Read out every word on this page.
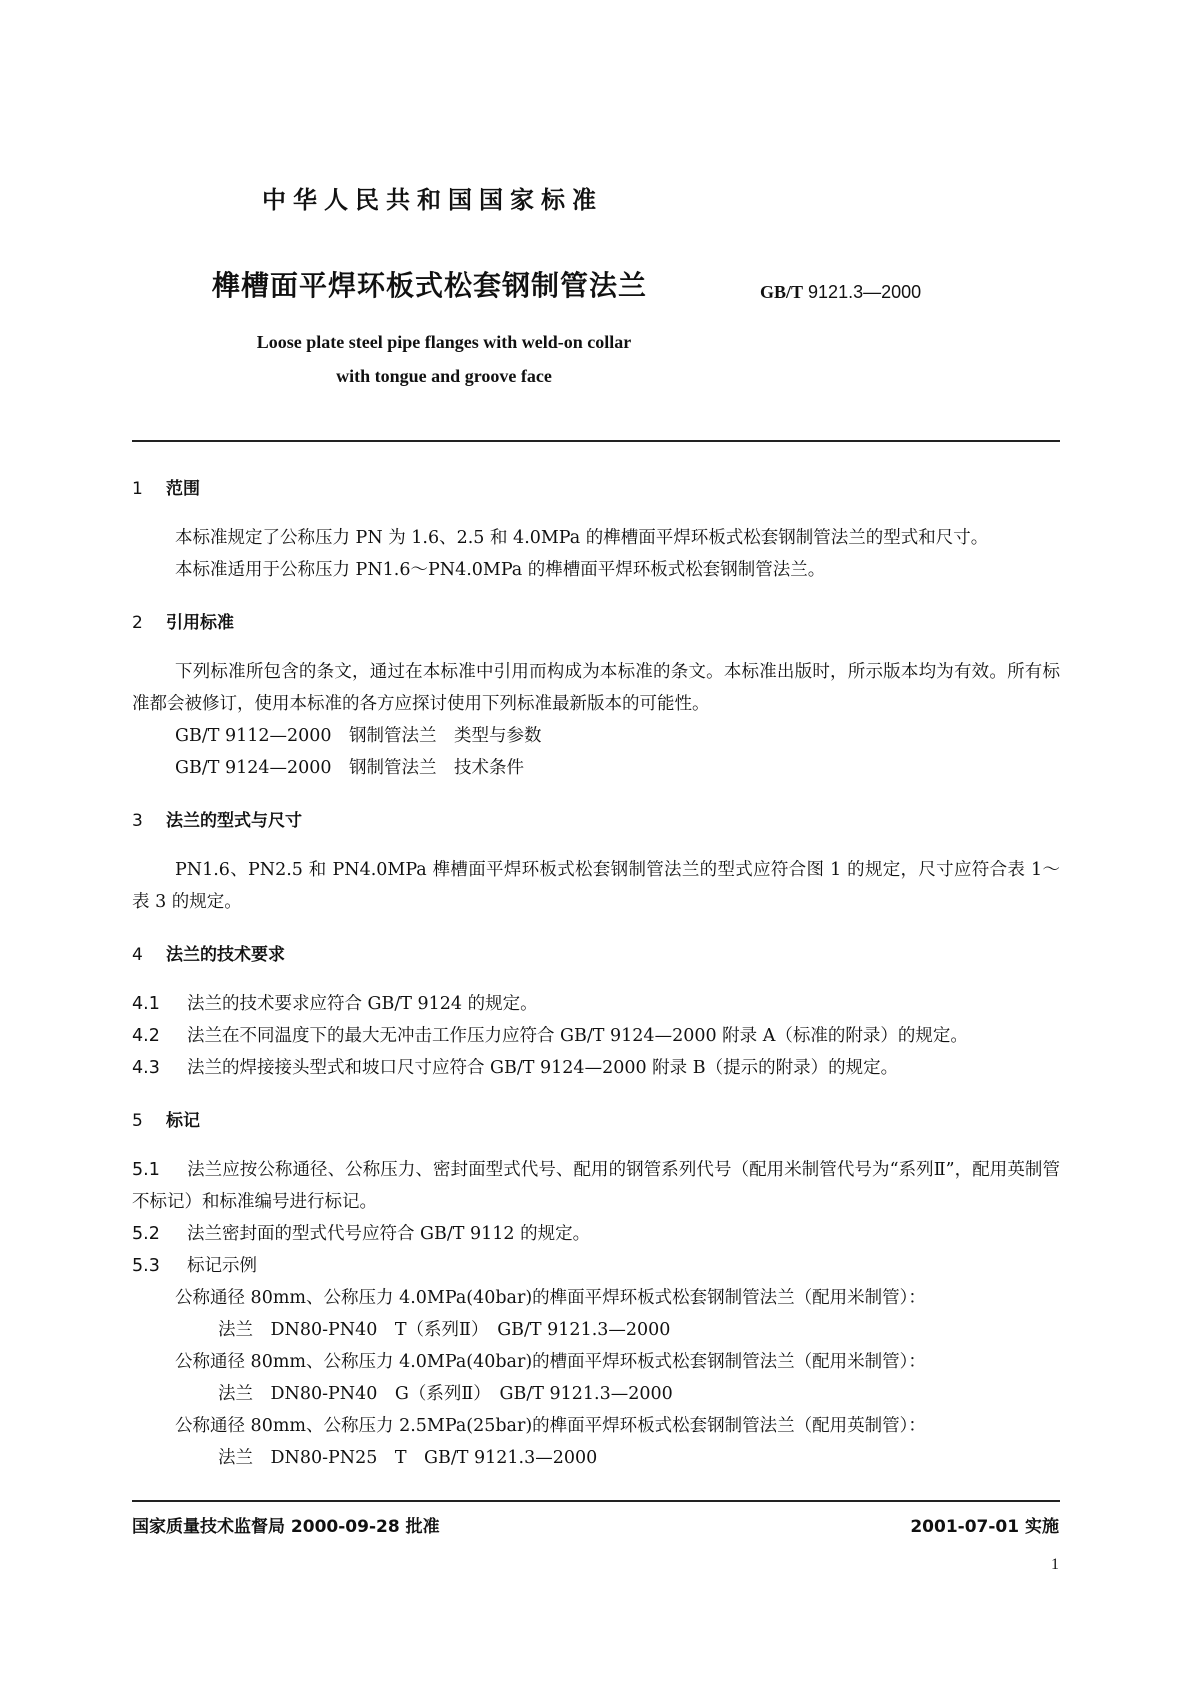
中华人民共和国国家标准
榫槽面平焊环板式松套钢制管法兰	GB/T 9121.3—2000
Loose plate steel pipe flanges with weld-on collar
with tongue and groove face
1 范围

本标准规定了公称压力 PN 为 1.6、2.5 和 4.0MPa 的榫槽面平焊环板式松套钢制管法兰的型式和尺寸。

本标准适用于公称压力 PN1.6～PN4.0MPa 的榫槽面平焊环板式松套钢制管法兰。

2 引用标准

下列标准所包含的条文，通过在本标准中引用而构成为本标准的条文。本标准出版时，所示版本均为有效。所有标准都会被修订，使用本标准的各方应探讨使用下列标准最新版本的可能性。

GB/T 9112—2000　钢制管法兰　类型与参数

GB/T 9124—2000　钢制管法兰　技术条件

3 法兰的型式与尺寸

PN1.6、PN2.5 和 PN4.0MPa 榫槽面平焊环板式松套钢制管法兰的型式应符合图 1 的规定，尺寸应符合表 1～表 3 的规定。

4 法兰的技术要求

4.1 法兰的技术要求应符合 GB/T 9124 的规定。

4.2 法兰在不同温度下的最大无冲击工作压力应符合 GB/T 9124—2000 附录 A（标准的附录）的规定。

4.3 法兰的焊接接头型式和坡口尺寸应符合 GB/T 9124—2000 附录 B（提示的附录）的规定。

5 标记

5.1 法兰应按公称通径、公称压力、密封面型式代号、配用的钢管系列代号（配用米制管代号为“系列Ⅱ”，配用英制管不标记）和标准编号进行标记。

5.2 法兰密封面的型式代号应符合 GB/T 9112 的规定。

5.3 标记示例

公称通径 80mm、公称压力 4.0MPa(40bar)的榫面平焊环板式松套钢制管法兰（配用米制管）：

法兰　DN80-PN40　T（系列Ⅱ）　GB/T 9121.3—2000

公称通径 80mm、公称压力 4.0MPa(40bar)的槽面平焊环板式松套钢制管法兰（配用米制管）：

法兰　DN80-PN40　G（系列Ⅱ）　GB/T 9121.3—2000

公称通径 80mm、公称压力 2.5MPa(25bar)的榫面平焊环板式松套钢制管法兰（配用英制管）：

法兰　DN80-PN25　T　GB/T 9121.3—2000

国家质量技术监督局 2000-09-28 批准	2001-07-01 实施
1
